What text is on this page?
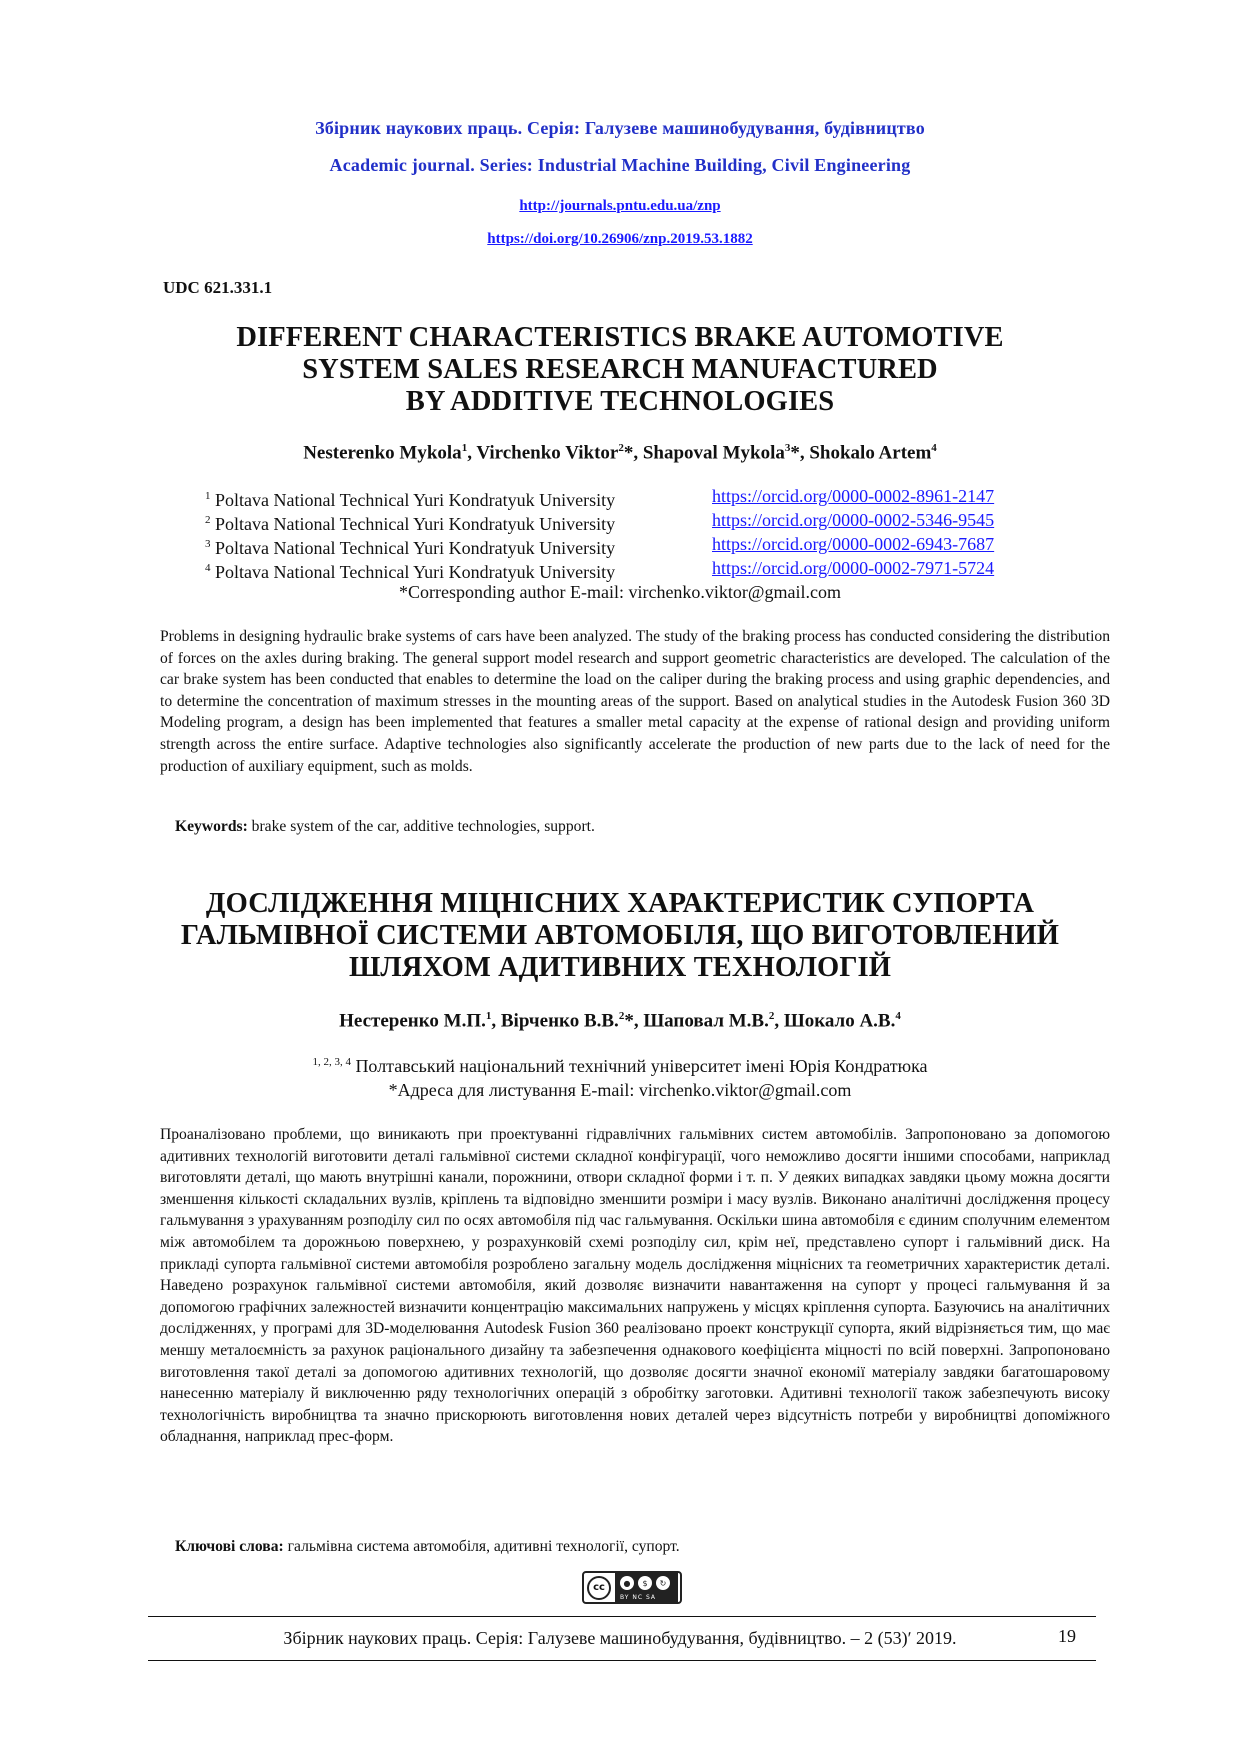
Збірник наукових праць. Серія: Галузеве машинобудування, будівництво
Academic journal. Series: Industrial Machine Building, Civil Engineering
http://journals.pntu.edu.ua/znp
https://doi.org/10.26906/znp.2019.53.1882
UDC 621.331.1
DIFFERENT CHARACTERISTICS BRAKE AUTOMOTIVE
SYSTEM SALES RESEARCH MANUFACTURED
BY ADDITIVE TECHNOLOGIES
Nesterenko Mykola$^1$, Virchenko Viktor$^2$*, Shapoval Mykola$^3$*, Shokalo Artem$^4$
$^1$ Poltava National Technical Yuri Kondratyuk University	https://orcid.org/0000-0002-8961-2147
$^2$ Poltava National Technical Yuri Kondratyuk University	https://orcid.org/0000-0002-5346-9545
$^3$ Poltava National Technical Yuri Kondratyuk University	https://orcid.org/0000-0002-6943-7687
$^4$ Poltava National Technical Yuri Kondratyuk University	https://orcid.org/0000-0002-7971-5724
*Corresponding author E-mail: virchenko.viktor@gmail.com
Problems in designing hydraulic brake systems of cars have been analyzed. The study of the braking process has conducted considering the distribution of forces on the axles during braking. The general support model research and support geometric characteristics are developed. The calculation of the car brake system has been conducted that enables to determine the load on the caliper during the braking process and using graphic dependencies, and to determine the concentration of maximum stresses in the mounting areas of the support. Based on analytical studies in the Autodesk Fusion 360 3D Modeling program, a design has been implemented that features a smaller metal capacity at the expense of rational design and providing uniform strength across the entire surface. Adaptive technologies also significantly accelerate the production of new parts due to the lack of need for the production of auxiliary equipment, such as molds.
Keywords: brake system of the car, additive technologies, support.
ДОСЛІДЖЕННЯ МІЦНІСНИХ ХАРАКТЕРИСТИК СУПОРТА
ГАЛЬМІВНОЇ СИСТЕМИ АВТОМОБІЛЯ, ЩО ВИГОТОВЛЕНИЙ
ШЛЯХОМ АДИТИВНИХ ТЕХНОЛОГІЙ
Нестеренко М.П.$^1$, Вірченко В.В.$^2$*, Шаповал М.В.$^2$, Шокало А.В.$^4$
$^{1, 2, 3, 4}$ Полтавський національний технічний університет імені Юрія Кондратюка
*Адреса для листування E-mail: virchenko.viktor@gmail.com
Проаналізовано проблеми, що виникають при проектуванні гідравлічних гальмівних систем автомобілів. Запропоновано за допомогою адитивних технологій виготовити деталі гальмівної системи складної конфігурації, чого неможливо досягти іншими способами, наприклад виготовляти деталі, що мають внутрішні канали, порожнини, отвори складної форми і т. п. У деяких випадках завдяки цьому можна досягти зменшення кількості складальних вузлів, кріплень та відповідно зменшити розміри і масу вузлів. Виконано аналітичні дослідження процесу гальмування з урахуванням розподілу сил по осях автомобіля під час гальмування. Оскільки шина автомобіля є єдиним сполучним елементом між автомобілем та дорожньою поверхнею, у розрахунковій схемі розподілу сил, крім неї, представлено супорт і гальмівний диск. На прикладі супорта гальмівної системи автомобіля розроблено загальну модель дослідження міцнісних та геометричних характеристик деталі. Наведено розрахунок гальмівної системи автомобіля, який дозволяє визначити навантаження на супорт у процесі гальмування й за допомогою графічних залежностей визначити концентрацію максимальних напружень у місцях кріплення супорта. Базуючись на аналітичних дослідженнях, у програмі для 3D-моделювання Autodesk Fusion 360 реалізовано проект конструкції супорта, який відрізняється тим, що має меншу металоємність за рахунок раціонального дизайну та забезпечення однакового коефіцієнта міцності по всій поверхні. Запропоновано виготовлення такої деталі за допомогою адитивних технологій, що дозволяє досягти значної економії матеріалу завдяки багатошаровому нанесенню матеріалу й виключенню ряду технологічних операцій з обробітку заготовки. Адитивні технології також забезпечують високу технологічність виробництва та значно прискорюють виготовлення нових деталей через відсутність потреби у виробництві допоміжного обладнання, наприклад прес-форм.
Ключові слова: гальмівна система автомобіля, адитивні технології, супорт.
cc	●	$	↻
BY NC SA
Збірник наукових праць. Серія: Галузеве машинобудування, будівництво. – 2 (53)ʹ 2019.	19
